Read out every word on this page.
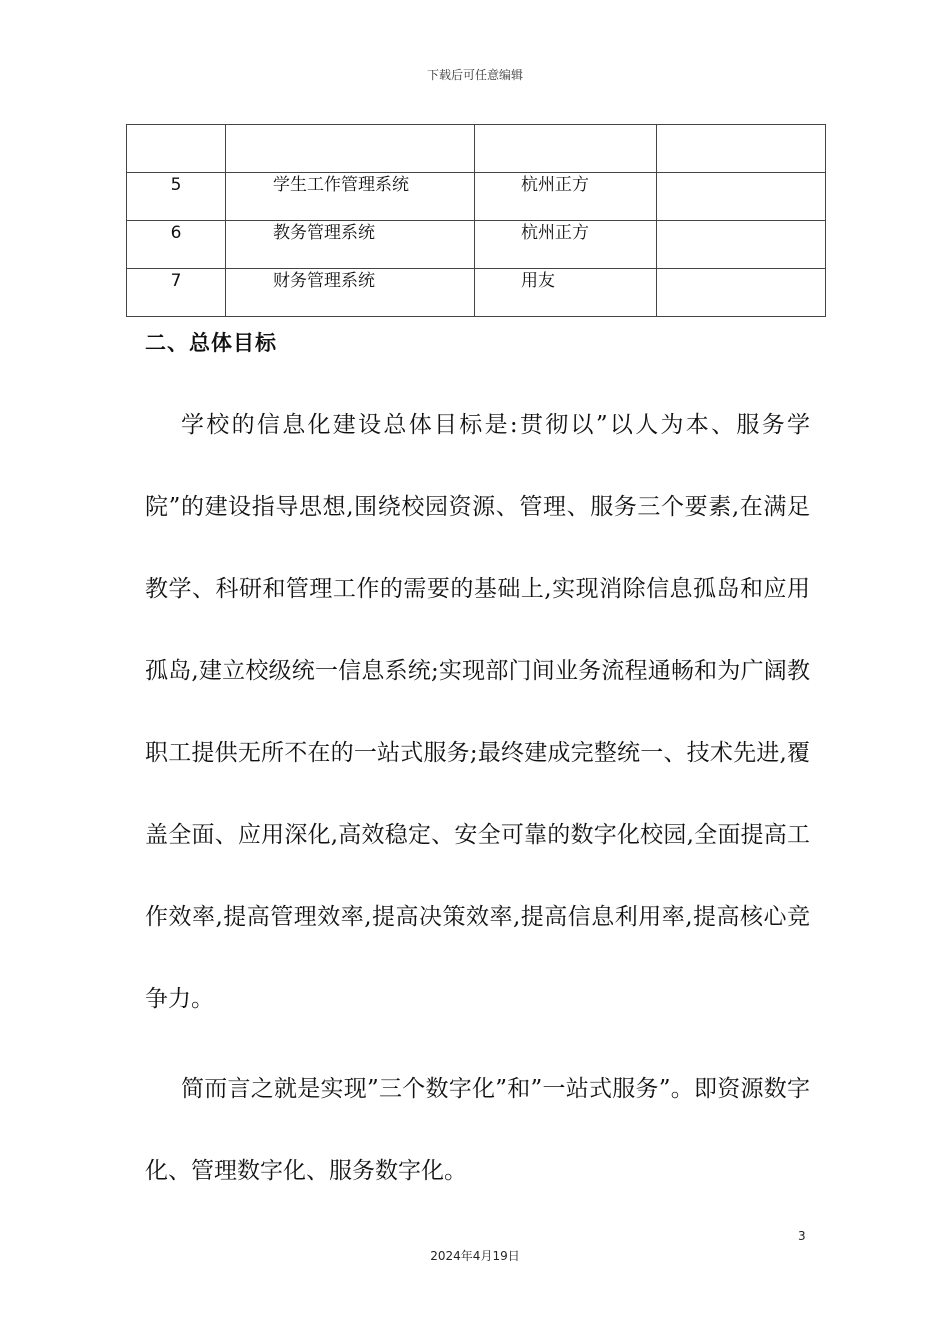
下载后可任意编辑

5	学生工作管理系统	杭州正方	

6	教务管理系统	杭州正方	

7	财务管理系统	用友	

二、总体目标

学校的信息化建设总体目标是:贯彻以”以人为本、服务学院”的建设指导思想,围绕校园资源、管理、服务三个要素,在满足教学、科研和管理工作的需要的基础上,实现消除信息孤岛和应用孤岛,建立校级统一信息系统;实现部门间业务流程通畅和为广阔教职工提供无所不在的一站式服务;最终建成完整统一、技术先进,覆盖全面、应用深化,高效稳定、安全可靠的数字化校园,全面提高工作效率,提高管理效率,提高决策效率,提高信息利用率,提高核心竞争力。

简而言之就是实现”三个数字化”和”一站式服务”。即资源数字化、管理数字化、服务数字化。

3
2024年4月19日
